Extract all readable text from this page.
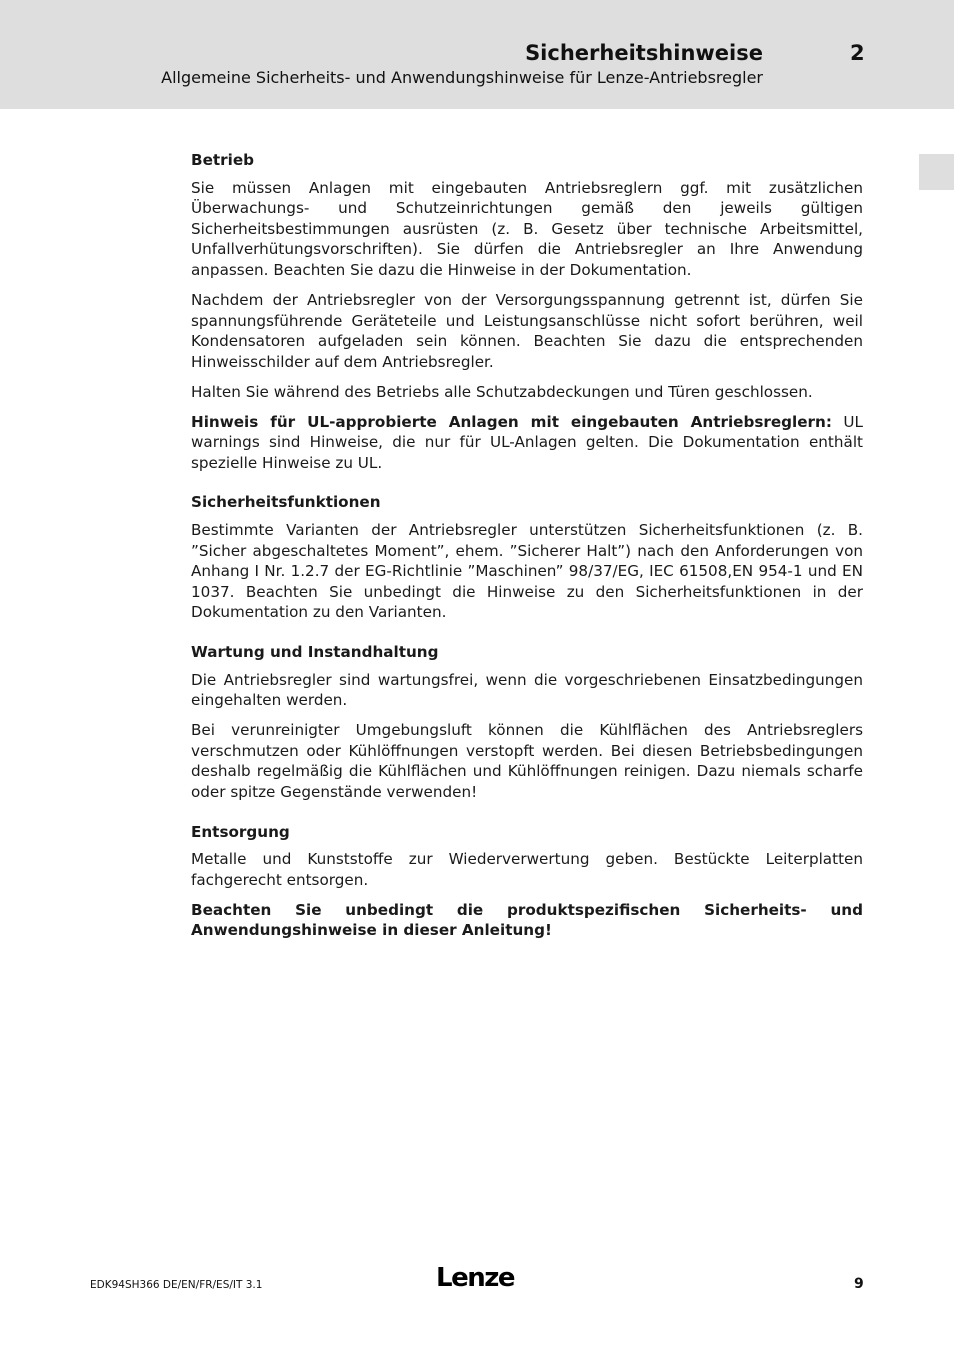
Sicherheitshinweise	2
Allgemeine Sicherheits- und Anwendungshinweise für Lenze-Antriebsregler
Betrieb

Sie müssen Anlagen mit eingebauten Antriebsreglern ggf. mit zusätzlichen Überwachungs- und Schutzeinrichtungen gemäß den jeweils gültigen Sicherheitsbestimmungen ausrüsten (z. B. Gesetz über technische Arbeitsmittel, Unfallverhütungsvorschriften). Sie dürfen die Antriebsregler an Ihre Anwendung anpassen. Beachten Sie dazu die Hinweise in der Dokumentation.

Nachdem der Antriebsregler von der Versorgungsspannung getrennt ist, dürfen Sie spannungsführende Geräteteile und Leistungsanschlüsse nicht sofort berühren, weil Kondensatoren aufgeladen sein können. Beachten Sie dazu die entsprechenden Hinweisschilder auf dem Antriebsregler.

Halten Sie während des Betriebs alle Schutzabdeckungen und Türen geschlossen.

Hinweis für UL-approbierte Anlagen mit eingebauten Antriebsreglern: UL warnings sind Hinweise, die nur für UL-Anlagen gelten. Die Dokumentation enthält spezielle Hinweise zu UL.

Sicherheitsfunktionen

Bestimmte Varianten der Antriebsregler unterstützen Sicherheitsfunktionen (z. B. ”Sicher abgeschaltetes Moment”, ehem. ”Sicherer Halt”) nach den Anforderungen von Anhang I Nr. 1.2.7 der EG-Richtlinie ”Maschinen” 98/37/EG, IEC 61508,EN 954-1 und EN 1037. Beachten Sie unbedingt die Hinweise zu den Sicherheitsfunktionen in der Dokumentation zu den Varianten.

Wartung und Instandhaltung

Die Antriebsregler sind wartungsfrei, wenn die vorgeschriebenen Einsatzbedingungen eingehalten werden.

Bei verunreinigter Umgebungsluft können die Kühlflächen des Antriebsreglers verschmutzen oder Kühlöffnungen verstopft werden. Bei diesen Betriebsbedingungen deshalb regelmäßig die Kühlflächen und Kühlöffnungen reinigen. Dazu niemals scharfe oder spitze Gegenstände verwenden!

Entsorgung

Metalle und Kunststoffe zur Wiederverwertung geben. Bestückte Leiterplatten fachgerecht entsorgen.

Beachten Sie unbedingt die produktspezifischen Sicherheits- und Anwendungshinweise in dieser Anleitung!

EDK94SH366 DE/EN/FR/ES/IT 3.1	Lenze	9
